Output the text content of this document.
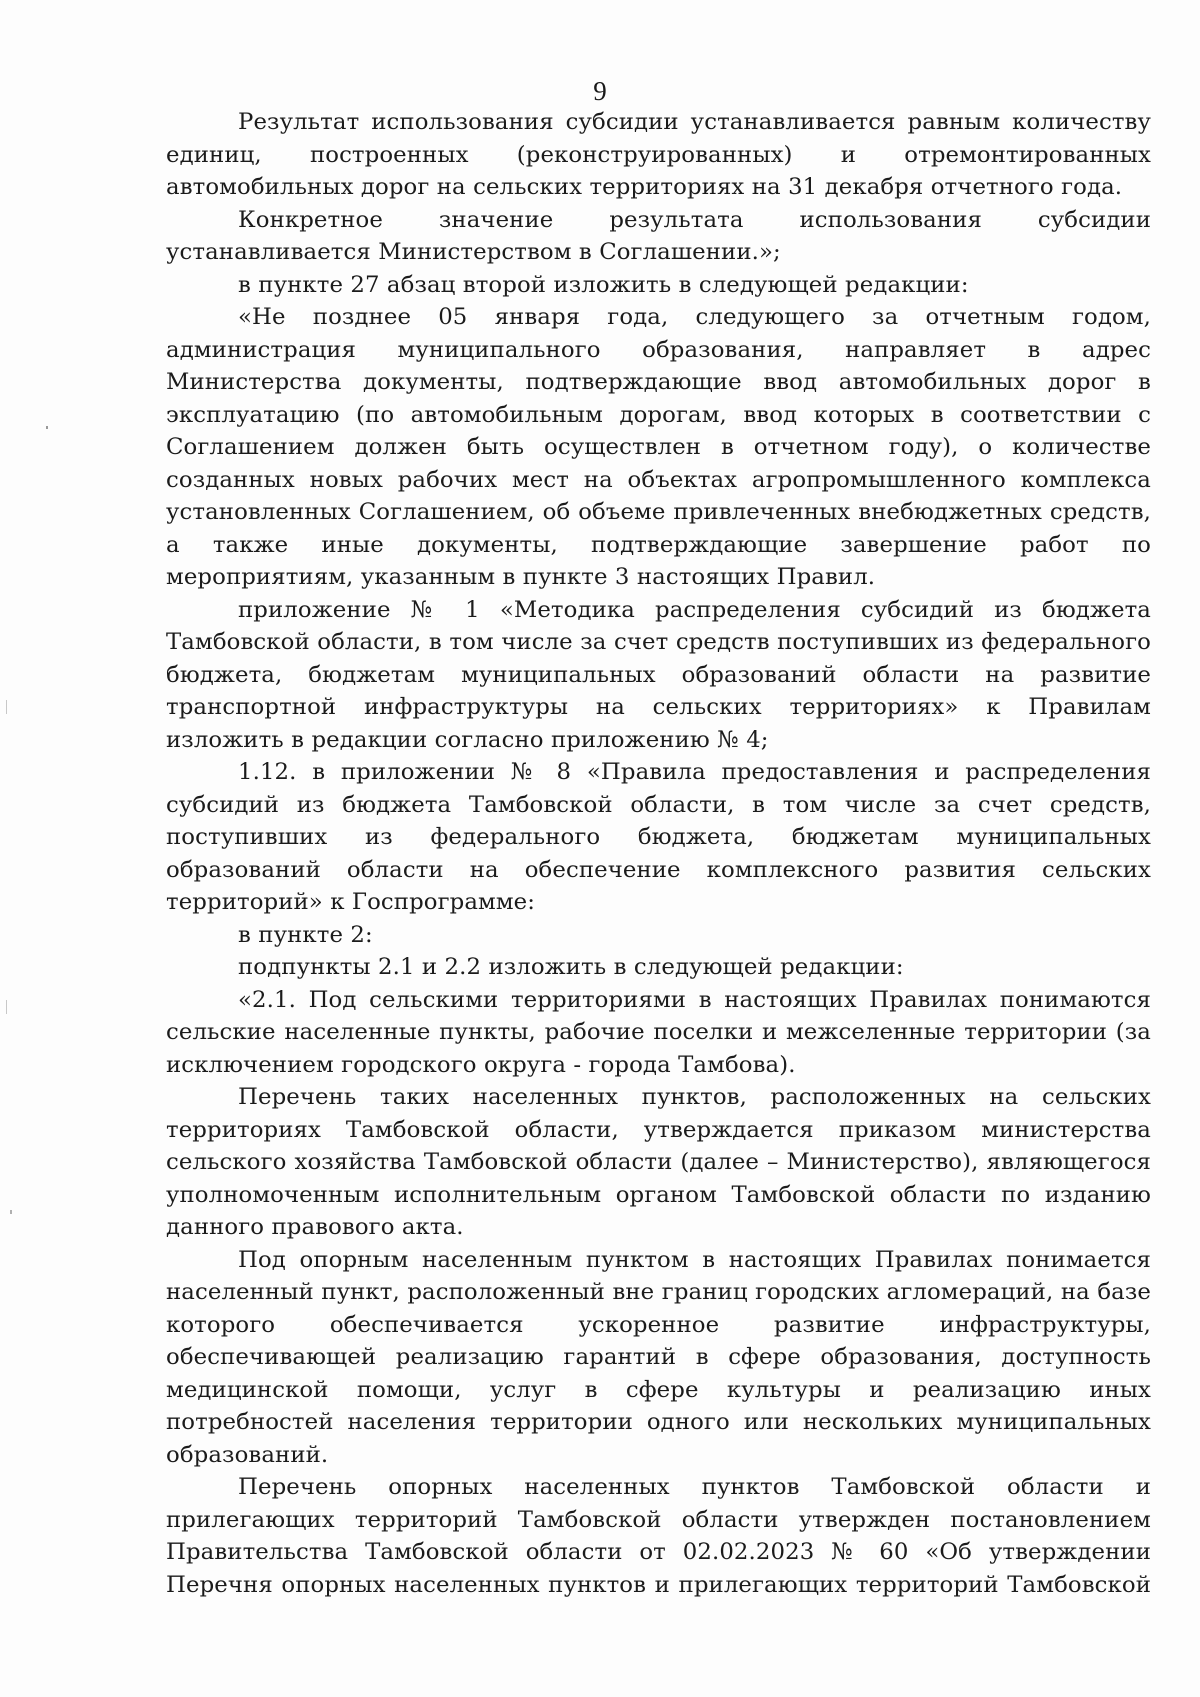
9

Результат использования субсидии устанавливается равным количеству единиц, построенных (реконструированных) и отремонтированных автомобильных дорог на сельских территориях на 31 декабря отчетного года.

Конкретное значение результата использования субсидии устанавливается Министерством в Соглашении.»;

в пункте 27 абзац второй изложить в следующей редакции:

«Не позднее 05 января года, следующего за отчетным годом, администрация муниципального образования, направляет в адрес Министерства документы, подтверждающие ввод автомобильных дорог в эксплуатацию (по автомобильным дорогам, ввод которых в соответствии с Соглашением должен быть осуществлен в отчетном году), о количестве созданных новых рабочих мест на объектах агропромышленного комплекса установленных Соглашением, об объеме привлеченных внебюджетных средств, а также иные документы, подтверждающие завершение работ по мероприятиям, указанным в пункте 3 настоящих Правил.

приложение № 1 «Методика распределения субсидий из бюджета Тамбовской области, в том числе за счет средств поступивших из федерального бюджета, бюджетам муниципальных образований области на развитие транспортной инфраструктуры на сельских территориях» к Правилам изложить в редакции согласно приложению № 4;

1.12. в приложении № 8 «Правила предоставления и распределения субсидий из бюджета Тамбовской области, в том числе за счет средств, поступивших из федерального бюджета, бюджетам муниципальных образований области на обеспечение комплексного развития сельских территорий» к Госпрограмме:

в пункте 2:

подпункты 2.1 и 2.2 изложить в следующей редакции:

«2.1. Под сельскими территориями в настоящих Правилах понимаются сельские населенные пункты, рабочие поселки и межселенные территории (за исключением городского округа - города Тамбова).

Перечень таких населенных пунктов, расположенных на сельских территориях Тамбовской области, утверждается приказом министерства сельского хозяйства Тамбовской области (далее – Министерство), являющегося уполномоченным исполнительным органом Тамбовской области по изданию данного правового акта.

Под опорным населенным пунктом в настоящих Правилах понимается населенный пункт, расположенный вне границ городских агломераций, на базе которого обеспечивается ускоренное развитие инфраструктуры, обеспечивающей реализацию гарантий в сфере образования, доступность медицинской помощи, услуг в сфере культуры и реализацию иных потребностей населения территории одного или нескольких муниципальных образований.

Перечень опорных населенных пунктов Тамбовской области и прилегающих территорий Тамбовской области утвержден постановлением Правительства Тамбовской области от 02.02.2023 № 60 «Об утверждении Перечня опорных населенных пунктов и прилегающих территорий Тамбовской
